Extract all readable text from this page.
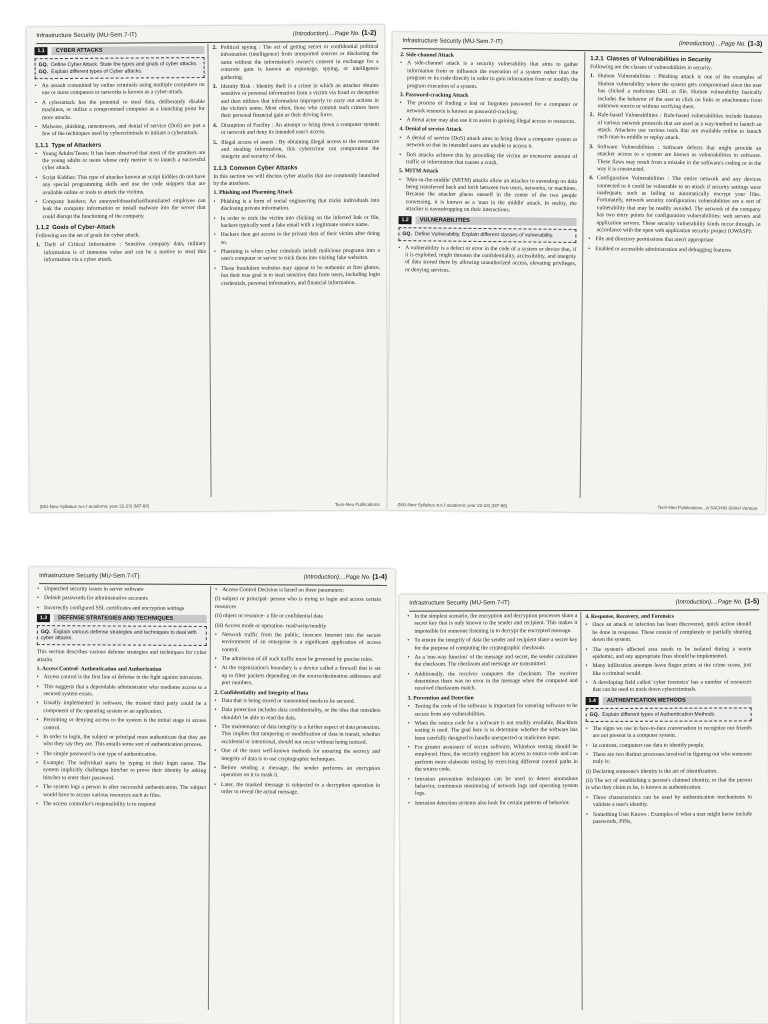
Infrastructure Security (MU-Sem.7-IT)	(Introduction)....Page No. (1-2)
1.1	CYBER ATTACKS
GQ. Define Cyber Attack. State the types and goals of cyber attacks.
GQ. Explain different types of Cyber attacks.
• An assault committed by online criminals using multiple computers on one or more computers or networks is known as a cyber-attack.
• A cyberattack has the potential to steal data, deliberately disable machines, or utilize a compromised computer as a launching point for more attacks.
• Malware, phishing, ransomware, and denial of service (DoS) are just a few of the techniques used by cybercriminals to initiate a cyberattack.
1.1.1 Type of Attackers
• Young Adults/Teens: It has been observed that most of the attackers are the young adults or teens whose only motive is to launch a successful cyber attack.
• Script Kiddies: This type of attacker known as script kiddies do not have any special programming skills and use the code snippets that are available online or tools to attack the victims.
• Company Insiders: An annoyed/dissatisfied/humiliated employee can leak the company information or install malware into the server that could disrupt the functioning of the company.
1.1.2 Goals of Cyber-Attack
Following are the set of goals for cyber attack.
1. Theft of Critical Information : Sensitive company data, military information is of immense value and can be a motive to steal this information via a cyber attack.
2. Political spying : The act of getting secret or confidential political information (intelligence) from unreported sources or disclosing the same without the information's owner's consent in exchange for a concrete gain is known as espionage, spying, or intelligence gathering.
3. Identity Risk : Identity theft is a crime in which an attacker obtains sensitive or personal information from a victim via fraud or deception and then utilizes that information improperly to carry out actions in the victim's name. Most often, those who commit such crimes have their personal financial gain as their driving force.
4. Disruption of Facility : An attempt to bring down a computer system or network and deny its intended user's access.
5. Illegal access of assets : By obtaining illegal access to the resources and stealing information, this cybercrime can compromise the integrity and security of data.
1.1.3 Common Cyber Attacks
In this section we will discuss cyber attacks that are commonly launched by the attackers.
1. Phishing and Pharming Attack
• Phishing is a form of social engineering that tricks individuals into disclosing private information.
• In order to trick the victim into clicking on the infected link or file, hackers typically send a fake email with a legitimate source name.
• Hackers then get access to the private data of their victim after doing so.
• Pharming is when cyber criminals install malicious programs into a user's computer or server to trick them into visiting fake websites.
• These fraudulent websites may appear to be authentic at first glance, but their true goal is to steal sensitive data from users, including login credentials, personal information, and financial information.
(MU-New Syllabus w.e.f academic year 22-23) (M7-66)	Tech-Neo Publications
Infrastructure Security (MU-Sem.7-IT)	(Introduction)....Page No. (1-3)
2. Side-channel Attack
• A side-channel attack is a security vulnerability that aims to gather information from or influence the execution of a system rather than the program or its code directly in order to gain information from or modify the program execution of a system.
3. Password-cracking Attack
• The process of finding a lost or forgotten password for a computer or network resource is known as password-cracking.
• A threat actor may also use it to assist in gaining illegal access to resources.
4. Denial of service Attack
• A denial of service (DoS) attack aims to bring down a computer system or network so that its intended users are unable to access it.
• DoS attacks achieve this by providing the victim an excessive amount of traffic or information that causes a crash.
5. MITM Attack
• 'Man-in-the-middle' (MITM) attacks allow an attacker to eavesdrop on data being transferred back and forth between two users, networks, or machines. Because the attacker places oneself in the center of the two people conversing, it is known as a 'man in the middle' attack. In reality, the attacker is eavesdropping on their interactions.
1.2	VULNERABILITIES
GQ. Define Vulnerability. Explain different classes of vulnerability.
• A vulnerability is a defect or error in the code of a system or device that, if it is exploited, might threaten the confidentiality, accessibility, and integrity of data stored there by allowing unauthorized access, elevating privileges, or denying services.
1.2.1 Classes of Vulnerabilities in Security
Following are the classes of vulnerabilities in security.
1. Human Vulnerabilities : Phishing attack is one of the examples of Human vulnerability where the system gets compromised since the user has clicked a malicious URL or file. Human vulnerability basically includes the behavior of the user to click on links or attachments from unknown source or without verifying them.
2. Rule-based Vulnerabilities : Rule-based vulnerabilities include features of various network protocols that are used as a way/method to launch an attack. Attackers use various tools that are available online to launch such man-in-middle or replay attack.
3. Software Vulnerabilities : Software defects that might provide an attacker access to a system are known as vulnerabilities in software. These flaws may result from a mistake in the software's coding or in the way it is constructed.
4. Configuration Vulnerabilities : The entire network and any devices connected to it could be vulnerable to an attack if security settings were inadequate, such as failing to automatically encrypt your files. Fortunately, network security configuration vulnerabilities are a sort of vulnerability that may be readily avoided. The network of the company has two entry points for configuration vulnerabilities: web servers and application servers. These security vulnerability kinds occur through, in accordance with the open web application security project (OWASP):
• File and directory permissions that aren't appropriate
• Enabled or accessible administration and debugging features
(MU-New Syllabus w.e.f academic year 22-23) (M7-66)	Tech-Neo Publications...A SACHIN SHAH Venture
Infrastructure Security (MU-Sem.7-IT)	(Introduction)....Page No. (1-4)
• Unpatched security issues in server software
• Default passwords for administrative accounts
• Incorrectly configured SSL certificates and encryption settings
1.3	DEFENSE STRATEGIES AND TECHNIQUES
GQ. Explain various defense strategies and techniques to deal with cyber attacks.
This section describes various defense strategies and techniques for cyber attacks.
1. Access Control- Authentication and Authorization
• Access control is the first line of defense in the fight against intrusions.
• This suggests that a dependable administrator who mediates access to a secured system exists.
• Usually implemented in software, the trusted third party could be a component of the operating system or an application.
• Permitting or denying access to the system is the initial stage in access control.
• In order to login, the subject or principal must authenticate that they are who they say they are. This entails some sort of authentication process.
• The simple password is one type of authentication.
• Example: The individual starts by typing in their login name. The system implicitly challenges him/her to prove their identity by asking him/her to enter their password.
• The system logs a person in after successful authentication. The subject would have to access various resources such as files.
• The access controller's responsibility is to respond
• Access Control Decision is based on three parameters:
(i) subject or principal- person who is trying to login and access certain resources
(ii) object or resource- a file or confidential data
(iii) Access mode or operation- read/write/modify
• Network traffic from the public, insecure Internet into the secure environment of an enterprise is a significant application of access control.
• The admission of all such traffic must be governed by precise rules.
• At the organization's boundary is a device called a firewall that is set up to filter packets depending on the source/destination addresses and port numbers.
2. Confidentiality and Integrity of Data
• Data that is being stored or transmitted needs to be secured.
• Data protection includes data confidentiality, or the idea that outsiders shouldn't be able to read the data.
• The maintenance of data integrity is a further aspect of data protection. This implies that tampering or modification of data in transit, whether accidental or intentional, should not occur without being noticed.
• One of the most well-known methods for ensuring the secrecy and integrity of data is to use cryptographic techniques.
• Before sending a message, the sender performs an encryption operation on it to mask it.
• Later, the masked message is subjected to a decryption operation in order to reveal the actual message.
Infrastructure Security (MU-Sem.7-IT)	(Introduction)....Page No. (1-5)
• In the simplest scenario, the encryption and decryption processes share a secret key that is only known to the sender and recipient. This makes it impossible for someone listening in to decrypt the encrypted message.
• To ensure the integrity of data the sender and recipient share a secret key for the purpose of computing the cryptographic checksum.
• As a 'one-way function' of the message and secret, the sender calculates the checksum. The checksum and message are transmitted.
• Additionally, the receiver computes the checksum. The receiver determines there was no error in the message when the computed and received checksums match.
3. Prevention and Detection
• Testing the code of the software is important for ensuring software to be secure from any vulnerabilities.
• When the source code for a software is not readily available, Blackbox testing is used. The goal here is to determine whether the software has been carefully designed to handle unexpected or malicious input.
• For greater assurance of secure software, Whitebox testing should be employed. Here, the security engineer has access to source code and can perform more elaborate testing by exercising different control paths in the source code.
• Intrusion prevention techniques can be used to detect anomalous behavior, continuous monitoring of network logs and operating system logs.
• Intrusion detection systems also look for certain patterns of behavior.
4. Response, Recovery, and Forensics
• Once an attack or infection has been discovered, quick action should be done in response. These consist of completely or partially shutting down the system.
• The system's affected area needs to be isolated during a worm epidemic, and any appropriate fixes should be implemented.
• Many infiltration attempts leave finger prints at the crime scene, just like a criminal would.
• A developing field called 'cyber forensics' has a number of resources that can be used to track down cybercriminals.
1.4	AUTHENTICATION METHODS
GQ. Explain different types of Authentication Methods.
• The signs we use in face-to-face conversation to recognize our friends are not present in a computer system.
• In contrast, computers use data to identify people.
• There are two distinct processes involved in figuring out who someone truly is:
(i) Declaring someone's identity is the act of identification.
(ii) The act of establishing a person's claimed identity, or that the person is who they claim to be, is known as authentication.
• Three characteristics can be used by authentication mechanisms to validate a user's identity.
• Something User Knows : Examples of what a user might know include passwords, PINs,
